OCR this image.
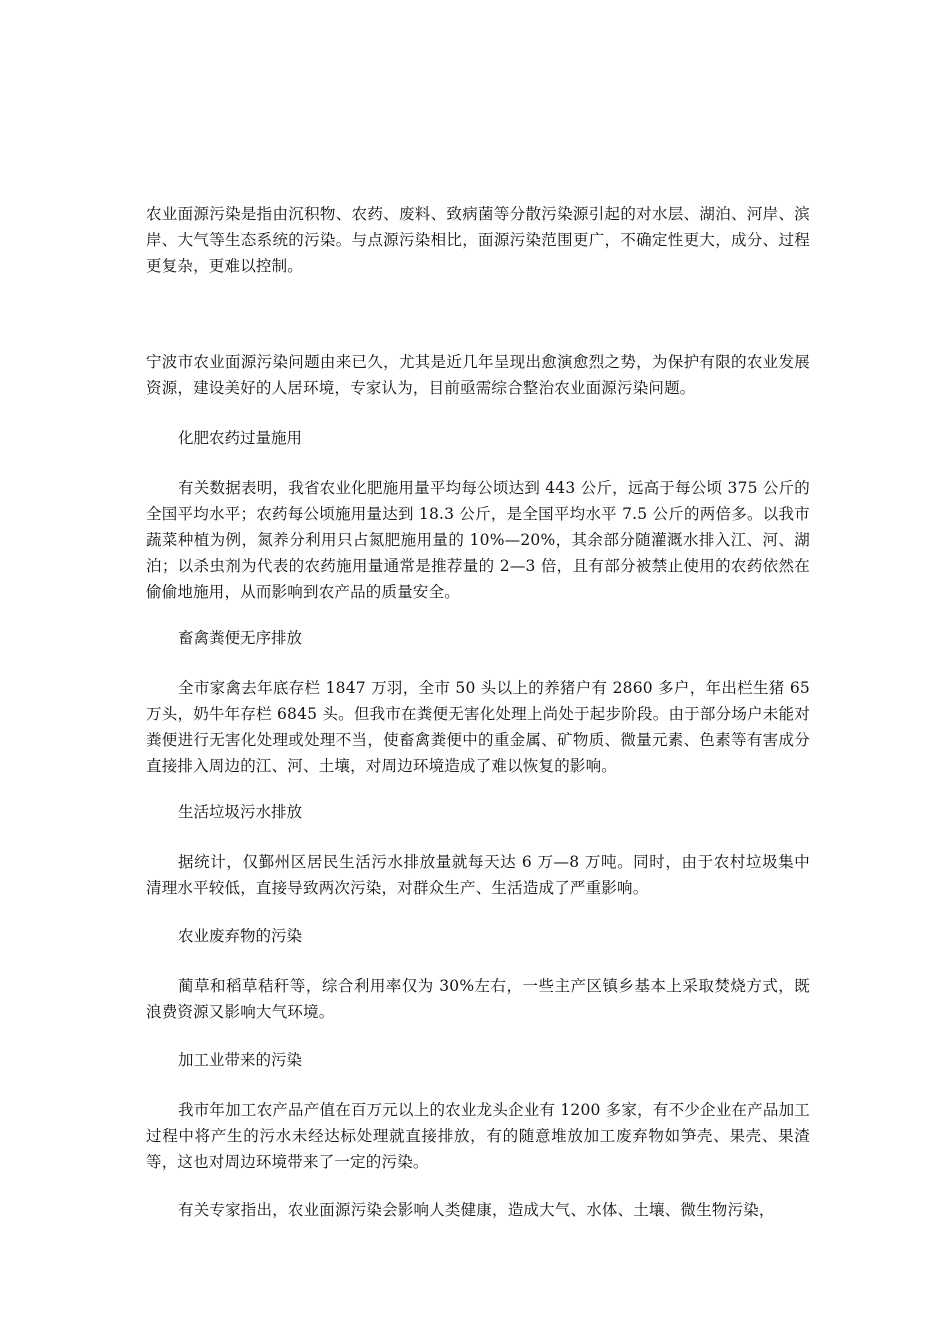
农业面源污染是指由沉积物、农药、废料、致病菌等分散污染源引起的对水层、湖泊、河岸、滨岸、大气等生态系统的污染。与点源污染相比，面源污染范围更广，不确定性更大，成分、过程更复杂，更难以控制。

宁波市农业面源污染问题由来已久，尤其是近几年呈现出愈演愈烈之势，为保护有限的农业发展资源，建设美好的人居环境，专家认为，目前亟需综合整治农业面源污染问题。

化肥农药过量施用

有关数据表明，我省农业化肥施用量平均每公顷达到 443 公斤，远高于每公顷 375 公斤的全国平均水平；农药每公顷施用量达到 18.3 公斤，是全国平均水平 7.5 公斤的两倍多。以我市蔬菜种植为例，氮养分利用只占氮肥施用量的 10%—20%，其余部分随灌溉水排入江、河、湖泊；以杀虫剂为代表的农药施用量通常是推荐量的 2—3 倍，且有部分被禁止使用的农药依然在偷偷地施用，从而影响到农产品的质量安全。

畜禽粪便无序排放

全市家禽去年底存栏 1847 万羽，全市 50 头以上的养猪户有 2860 多户，年出栏生猪 65 万头，奶牛年存栏 6845 头。但我市在粪便无害化处理上尚处于起步阶段。由于部分场户未能对粪便进行无害化处理或处理不当，使畜禽粪便中的重金属、矿物质、微量元素、色素等有害成分直接排入周边的江、河、土壤，对周边环境造成了难以恢复的影响。

生活垃圾污水排放

据统计，仅鄞州区居民生活污水排放量就每天达 6 万—8 万吨。同时，由于农村垃圾集中清理水平较低，直接导致两次污染，对群众生产、生活造成了严重影响。

农业废弃物的污染

蔺草和稻草秸秆等，综合利用率仅为 30%左右，一些主产区镇乡基本上采取焚烧方式，既浪费资源又影响大气环境。

加工业带来的污染

我市年加工农产品产值在百万元以上的农业龙头企业有 1200 多家，有不少企业在产品加工过程中将产生的污水未经达标处理就直接排放，有的随意堆放加工废弃物如笋壳、果壳、果渣等，这也对周边环境带来了一定的污染。

有关专家指出，农业面源污染会影响人类健康，造成大气、水体、土壤、微生物污染，
